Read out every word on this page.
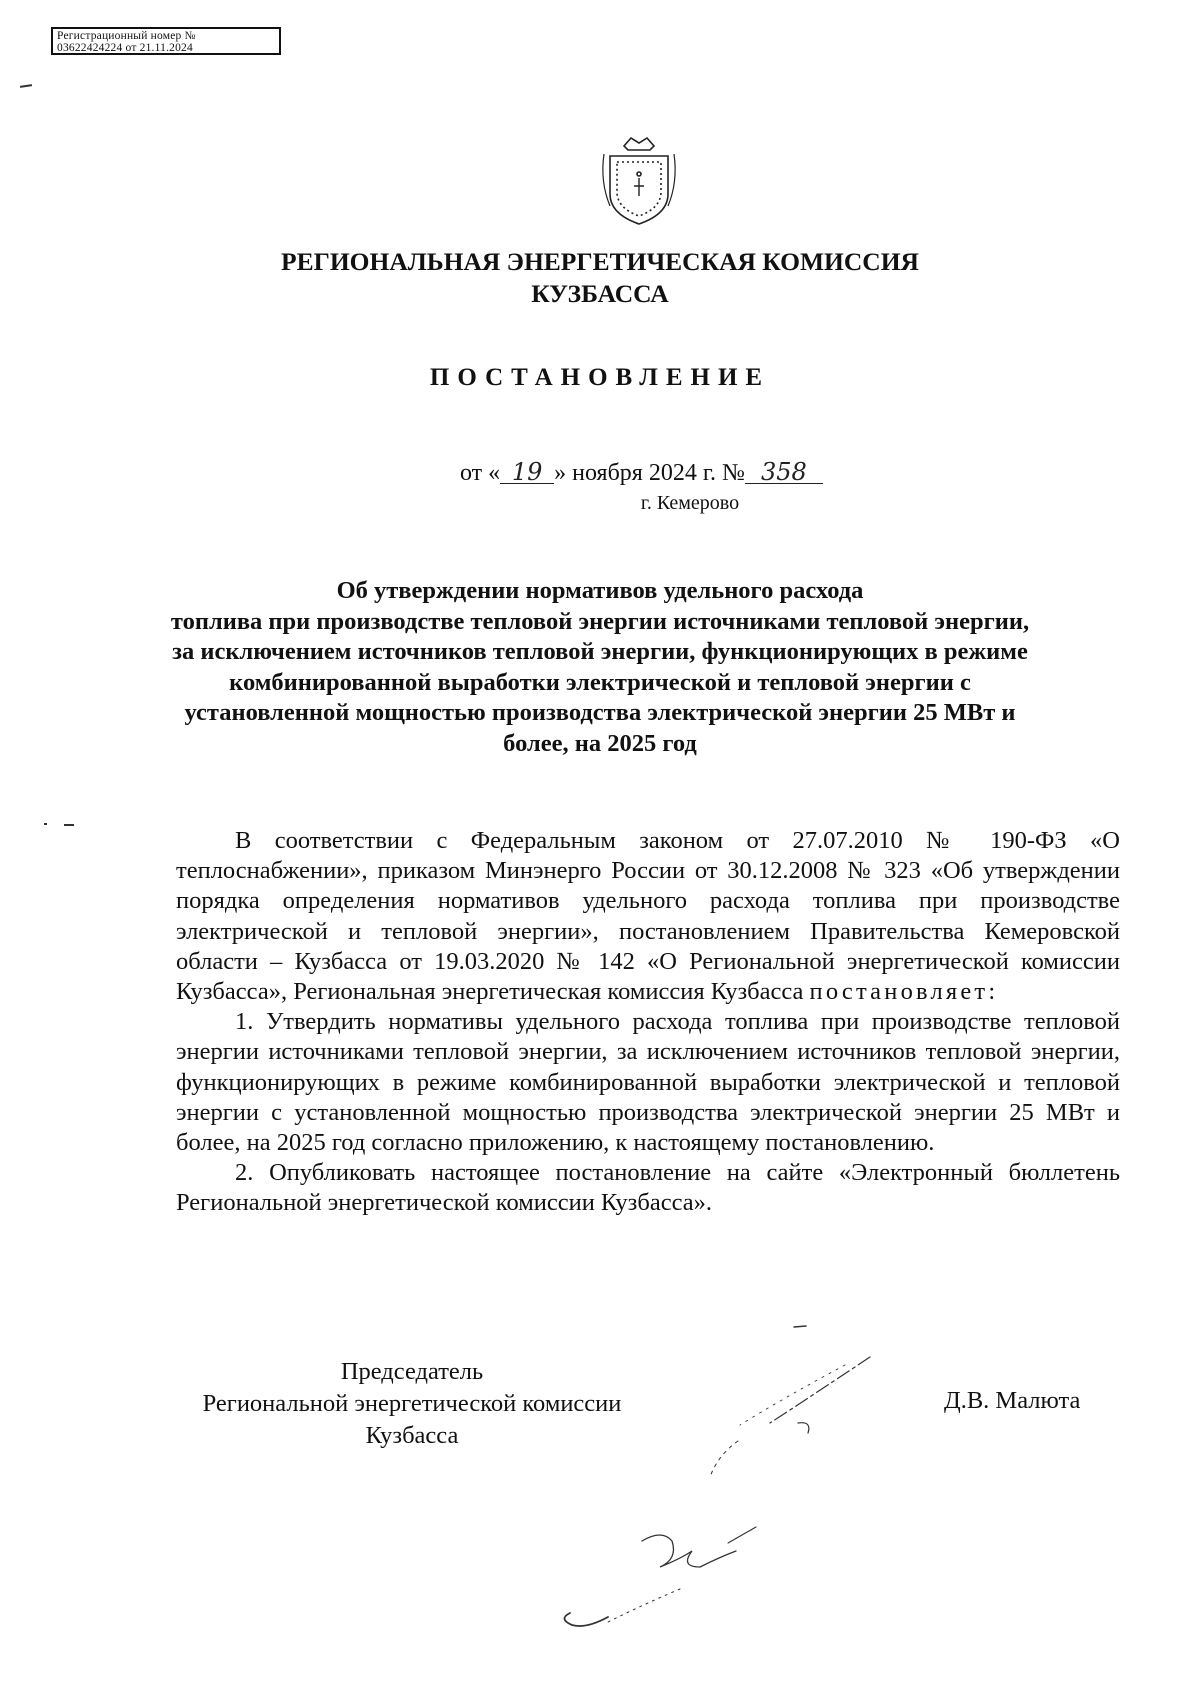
Регистрационный номер №
03622424224 от 21.11.2024
РЕГИОНАЛЬНАЯ ЭНЕРГЕТИЧЕСКАЯ КОМИССИЯ
КУЗБАССА
ПОСТАНОВЛЕНИЕ
от « 19 » ноября 2024 г. № 358
г. Кемерово
Об утверждении нормативов удельного расхода
топлива при производстве тепловой энергии источниками тепловой энергии,
за исключением источников тепловой энергии, функционирующих в режиме
комбинированной выработки электрической и тепловой энергии с
установленной мощностью производства электрической энергии 25 МВт и
более, на 2025 год

В соответствии с Федеральным законом от 27.07.2010 № 190-ФЗ «О теплоснабжении», приказом Минэнерго России от 30.12.2008 № 323 «Об утверждении порядка определения нормативов удельного расхода топлива при производстве электрической и тепловой энергии», постановлением Правительства Кемеровской области – Кузбасса от 19.03.2020 № 142 «О Региональной энергетической комиссии Кузбасса», Региональная энергетическая комиссия Кузбасса постановляет:

1. Утвердить нормативы удельного расхода топлива при производстве тепловой энергии источниками тепловой энергии, за исключением источников тепловой энергии, функционирующих в режиме комбинированной выработки электрической и тепловой энергии с установленной мощностью производства электрической энергии 25 МВт и более, на 2025 год согласно приложению, к настоящему постановлению.

2. Опубликовать настоящее постановление на сайте «Электронный бюллетень Региональной энергетической комиссии Кузбасса».

Председатель
Региональной энергетической комиссии
Кузбасса
Д.В. Малюта
